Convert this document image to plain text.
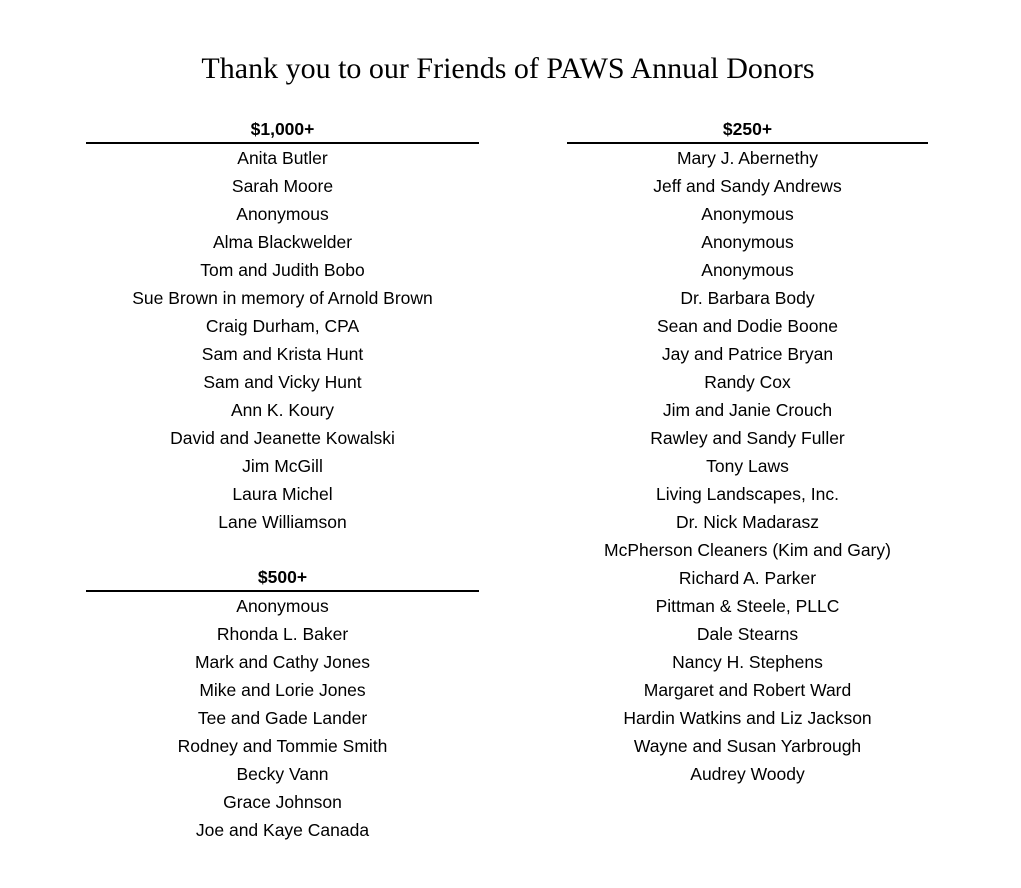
Thank you to our Friends of PAWS Annual Donors
$1,000+
Anita Butler
Sarah Moore
Anonymous
Alma Blackwelder
Tom and Judith Bobo
Sue Brown in memory of Arnold Brown
Craig Durham, CPA
Sam and Krista Hunt
Sam and Vicky Hunt
Ann K. Koury
David and Jeanette Kowalski
Jim McGill
Laura Michel
Lane Williamson
$500+
Anonymous
Rhonda L. Baker
Mark and Cathy Jones
Mike and Lorie Jones
Tee and Gade Lander
Rodney and Tommie Smith
Becky Vann
Grace Johnson
Joe and Kaye Canada
$250+
Mary J. Abernethy
Jeff and Sandy Andrews
Anonymous
Anonymous
Anonymous
Dr. Barbara Body
Sean and Dodie Boone
Jay and Patrice Bryan
Randy Cox
Jim and Janie Crouch
Rawley and Sandy Fuller
Tony Laws
Living Landscapes, Inc.
Dr. Nick Madarasz
McPherson Cleaners (Kim and Gary)
Richard A. Parker
Pittman & Steele, PLLC
Dale Stearns
Nancy H. Stephens
Margaret and Robert Ward
Hardin Watkins and Liz Jackson
Wayne and Susan Yarbrough
Audrey Woody
